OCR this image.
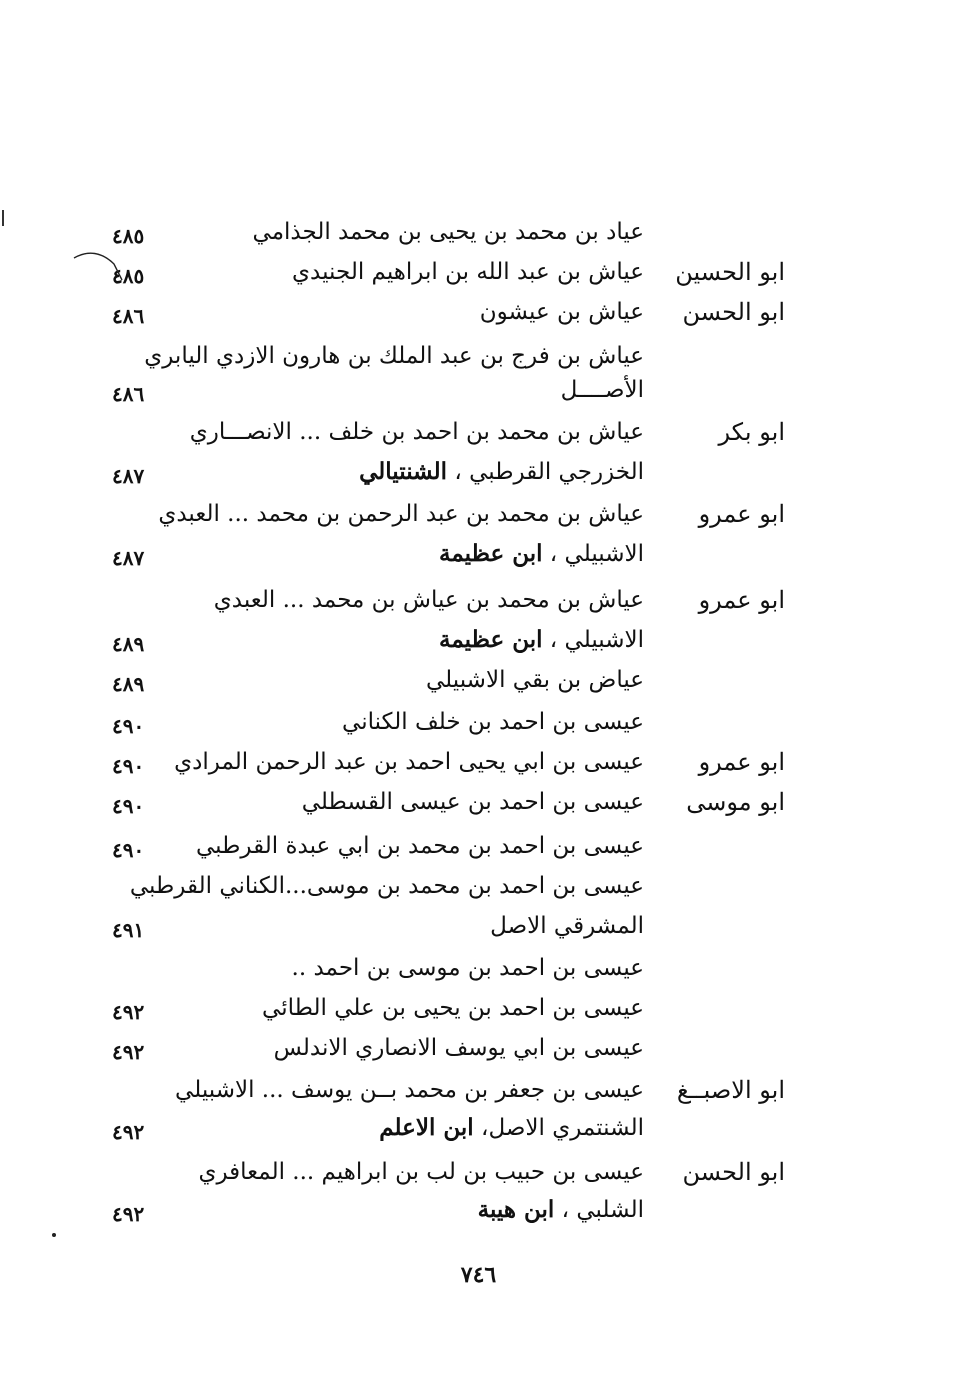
عياد بن محمد بن يحيى بن محمد الجذامي
٤٨٥
ابو الحسين
عياش بن عبد الله بن ابراهيم الجنيدي
٤٨٥
ابو الحسن
عياش بن عيشون
٤٨٦
عياش بن فرج بن عبد الملك بن هارون الازدي اليابري
الأصــــل
٤٨٦
ابو بكر
عياش بن محمد بن احمد بن خلف ... الانصـــاري
الخزرجي القرطبي ، الشنتيالي
٤٨٧
ابو عمرو
عياش بن محمد بن عبد الرحمن بن محمد ... العبدي
الاشبيلي ، ابن عظيمة
٤٨٧
ابو عمرو
عياش بن محمد بن عياش بن محمد ... العبدي
الاشبيلي ، ابن عظيمة
٤٨٩
عياض بن بقي الاشبيلي
٤٨٩
عيسى بن احمد بن خلف الكناني
٤٩٠
ابو عمرو
عيسى بن ابي يحيى احمد بن عبد الرحمن المرادي
٤٩٠
ابو موسى
عيسى بن احمد بن عيسى القسطلي
٤٩٠
عيسى بن احمد بن محمد بن ابي عبدة القرطبي
٤٩٠
عيسى بن احمد بن محمد بن موسى...الكناني القرطبي
المشرقي الاصل
٤٩١
عيسى بن احمد بن موسى بن احمد ..
عيسى بن احمد بن يحيى بن علي الطائي
٤٩٢
عيسى بن ابي يوسف الانصاري الاندلس
٤٩٢
ابو الاصبــغ
عيسى بن جعفر بن محمد بــن يوسف ... الاشبيلي
الشنتمري الاصل، ابن الاعلم
٤٩٢
ابو الحسن
عيسى بن حبيب بن لب بن ابراهيم ... المعافري
الشلبي ، ابن هيبة
٤٩٢
٧٤٦
